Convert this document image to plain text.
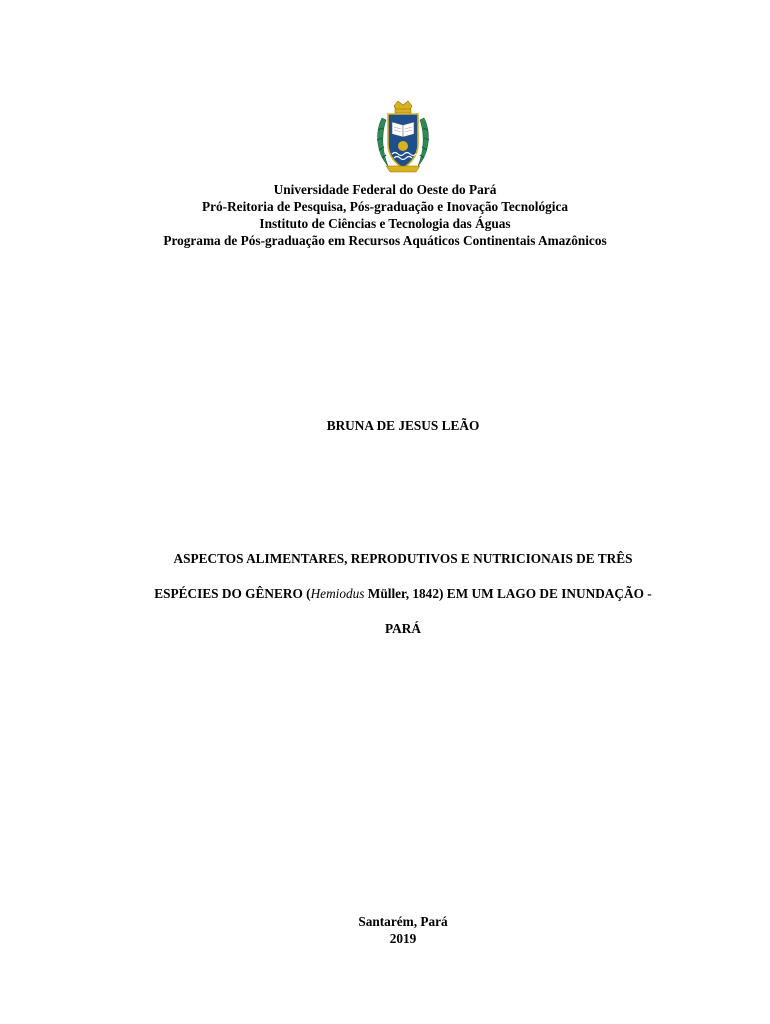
Universidade Federal do Oeste do Pará
Pró-Reitoria de Pesquisa, Pós-graduação e Inovação Tecnológica
Instituto de Ciências e Tecnologia das Águas
Programa de Pós-graduação em Recursos Aquáticos Continentais Amazônicos
BRUNA DE JESUS LEÃO
ASPECTOS ALIMENTARES, REPRODUTIVOS E NUTRICIONAIS DE TRÊS
ESPÉCIES DO GÊNERO (Hemiodus Müller, 1842) EM UM LAGO DE INUNDAÇÃO -
PARÁ
Santarém, Pará
2019
